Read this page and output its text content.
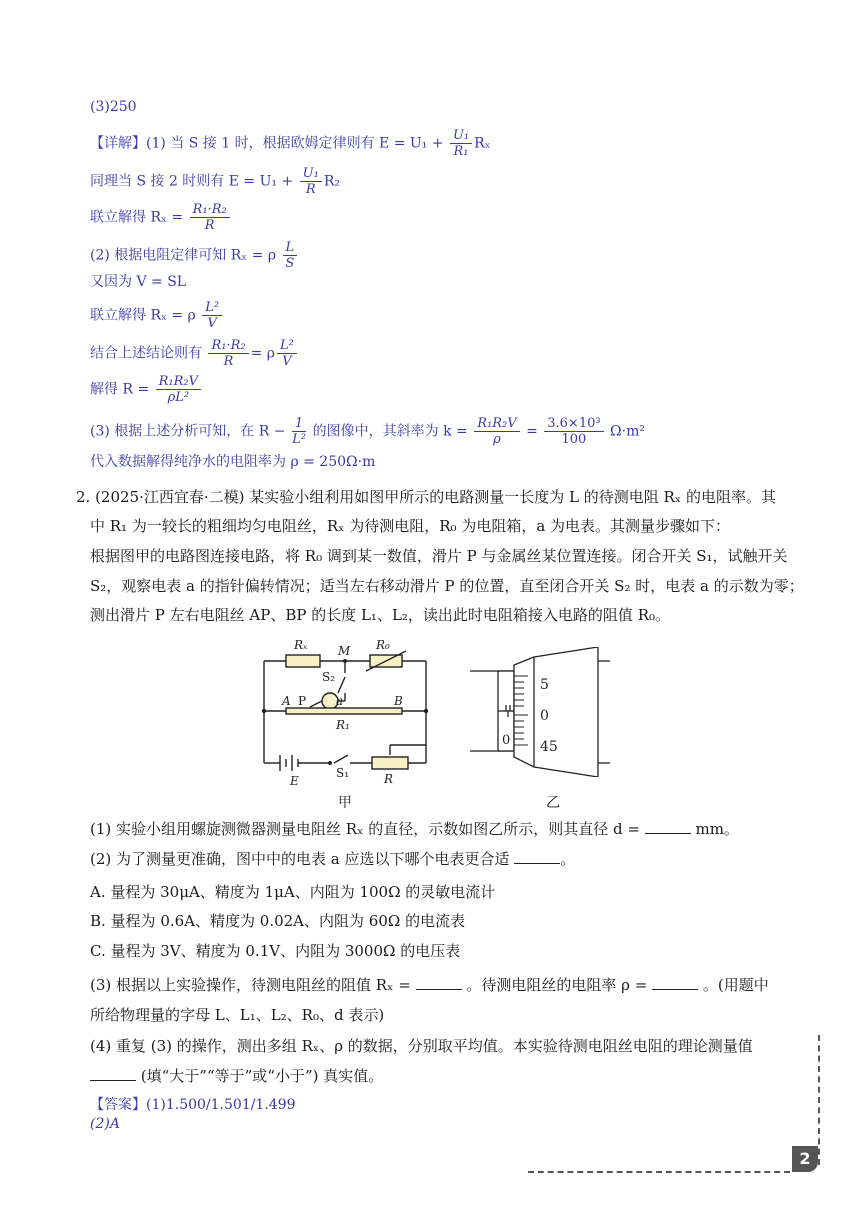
(3)250
【详解】(1) 当 S 接 1 时，根据欧姆定律则有 $E = U_1 + \frac{\text{U₁}}{\text{R₁}}$ Rₓ
同理当 S 接 2 时则有 $E = U_1 + \frac{\text{U₁}}{R} R_2$
联立解得 $R_x = \frac{\text{R₁·R₂}}{R}$
(2) 根据电阻定律可知 Rₓ = ρ $\frac{L}{S}$
又因为 V = SL
联立解得 Rₓ = ρ $\frac{\text{L²}}{V}$
结合上述结论则有 $\frac{\text{R₁·R₂}}{R} = \rho \frac{\text{L²}}{V}$
解得 $R = \frac{\text{R₁R₂V}}{\text{ρL²}}$
(3) 根据上述分析可知，在 $R - \frac{1}{\text{L²}}$ 的图像中，其斜率为 $k = \frac{\text{R₁R₂V}}{\rho} = \frac{\text{3.6×10³}}{100} \Omega\cdot m^2$
代入数据解得纯净水的电阻率为 ρ = 250Ω·m
2. (2025·江西宜春·二模) 某实验小组利用如图甲所示的电路测量一长度为 L 的待测电阻 Rₓ 的电阻率。其
中 R₁ 为一较长的粗细均匀电阻丝，Rₓ 为待测电阻，R₀ 为电阻箱，a 为电表。其测量步骤如下：
根据图甲的电路图连接电路，将 R₀ 调到某一数值，滑片 P 与金属丝某位置连接。闭合开关 S₁，试触开关
S₂，观察电表 a 的指针偏转情况；适当左右移动滑片 P 的位置，直至闭合开关 S₂ 时，电表 a 的示数为零；
测出滑片 P 左右电阻丝 AP、BP 的长度 L₁、L₂，读出此时电阻箱接入电路的阻值 R₀。
Rₓ	M R₀
S₂
a
A P	B
R₁
E
S₁	R
5
0
45
0
甲	乙
(1) 实验小组用螺旋测微器测量电阻丝 Rₓ 的直径，示数如图乙所示，则其直径 d =	mm。
(2) 为了测量更准确，图中中的电表 a 应选以下哪个电表更合适	。
A. 量程为 30μA、精度为 1μA、内阻为 100Ω 的灵敏电流计
B. 量程为 0.6A、精度为 0.02A、内阻为 60Ω 的电流表
C. 量程为 3V、精度为 0.1V、内阻为 3000Ω 的电压表
(3) 根据以上实验操作，待测电阻丝的阻值 Rₓ =	。待测电阻丝的电阻率 ρ =	。(用题中
所给物理量的字母 L、L₁、L₂、R₀、d 表示)
(4) 重复 (3) 的操作，测出多组 Rₓ、ρ 的数据，分别取平均值。本实验待测电阻丝电阻的理论测量值
(填“大于”“等于”或“小于”) 真实值。
【答案】(1)1.500/1.501/1.499
(2)A
2
